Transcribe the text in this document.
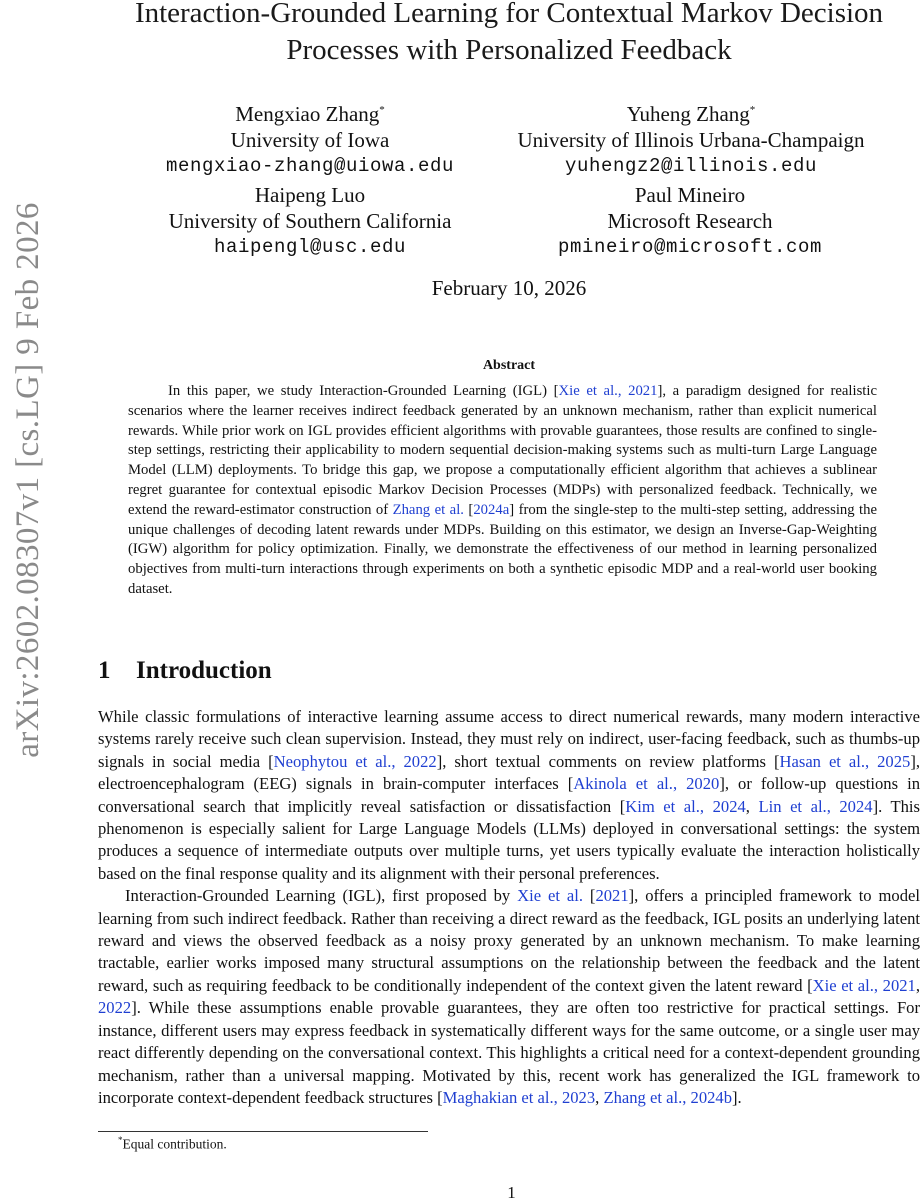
arXiv:2602.08307v1 [cs.LG] 9 Feb 2026
Interaction-Grounded Learning for Contextual Markov Decision Processes with Personalized Feedback
Mengxiao Zhang*
University of Iowa
mengxiao-zhang@uiowa.edu
Yuheng Zhang*
University of Illinois Urbana-Champaign
yuhengz2@illinois.edu
Haipeng Luo
University of Southern California
haipengl@usc.edu
Paul Mineiro
Microsoft Research
pmineiro@microsoft.com
February 10, 2026
Abstract
In this paper, we study Interaction-Grounded Learning (IGL) [Xie et al., 2021], a paradigm designed for realistic scenarios where the learner receives indirect feedback generated by an unknown mechanism, rather than explicit numerical rewards. While prior work on IGL provides efficient algorithms with provable guarantees, those results are confined to single-step settings, restricting their applicability to modern sequential decision-making systems such as multi-turn Large Language Model (LLM) deployments. To bridge this gap, we propose a computationally efficient algorithm that achieves a sublinear regret guarantee for contextual episodic Markov Decision Processes (MDPs) with personalized feedback. Technically, we extend the reward-estimator construction of Zhang et al. [2024a] from the single-step to the multi-step setting, addressing the unique challenges of decoding latent rewards under MDPs. Building on this estimator, we design an Inverse-Gap-Weighting (IGW) algorithm for policy optimization. Finally, we demonstrate the effectiveness of our method in learning personalized objectives from multi-turn interactions through experiments on both a synthetic episodic MDP and a real-world user booking dataset.
1 Introduction

While classic formulations of interactive learning assume access to direct numerical rewards, many modern interactive systems rarely receive such clean supervision. Instead, they must rely on indirect, user-facing feedback, such as thumbs-up signals in social media [Neophytou et al., 2022], short textual comments on review platforms [Hasan et al., 2025], electroencephalogram (EEG) signals in brain-computer interfaces [Akinola et al., 2020], or follow-up questions in conversational search that implicitly reveal satisfaction or dissatisfaction [Kim et al., 2024, Lin et al., 2024]. This phenomenon is especially salient for Large Language Models (LLMs) deployed in conversational settings: the system produces a sequence of intermediate outputs over multiple turns, yet users typically evaluate the interaction holistically based on the final response quality and its alignment with their personal preferences.

Interaction-Grounded Learning (IGL), first proposed by Xie et al. [2021], offers a principled framework to model learning from such indirect feedback. Rather than receiving a direct reward as the feedback, IGL posits an underlying latent reward and views the observed feedback as a noisy proxy generated by an unknown mechanism. To make learning tractable, earlier works imposed many structural assumptions on the relationship between the feedback and the latent reward, such as requiring feedback to be conditionally independent of the context given the latent reward [Xie et al., 2021, 2022]. While these assumptions enable provable guarantees, they are often too restrictive for practical settings. For instance, different users may express feedback in systematically different ways for the same outcome, or a single user may react differently depending on the conversational context. This highlights a critical need for a context-dependent grounding mechanism, rather than a universal mapping. Motivated by this, recent work has generalized the IGL framework to incorporate context-dependent feedback structures [Maghakian et al., 2023, Zhang et al., 2024b].

*Equal contribution.
1
